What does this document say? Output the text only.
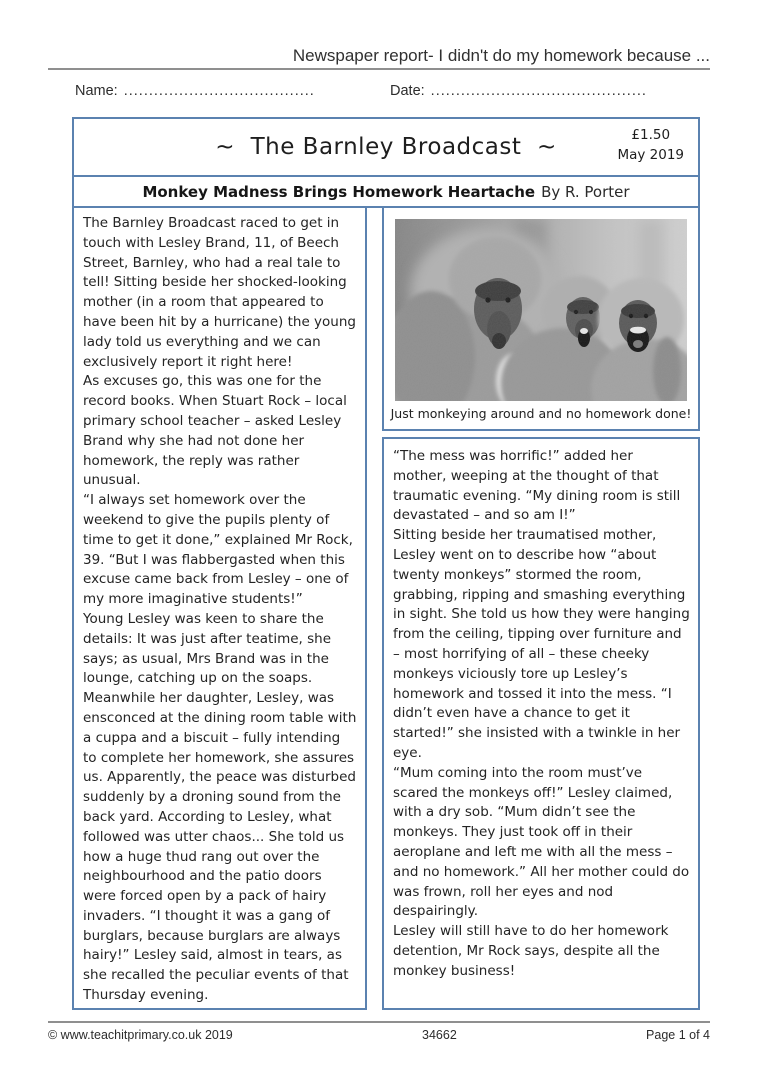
Newspaper report- I didn't do my homework because ...
Name: ......................................	Date: ...........................................
~  The Barnley Broadcast  ~	£1.50
May 2019
Monkey Madness Brings Homework Heartache By R. Porter

The Barnley Broadcast raced to get in touch with Lesley Brand, 11, of Beech Street, Barnley, who had a real tale to tell! Sitting beside her shocked-looking mother (in a room that appeared to have been hit by a hurricane) the young lady told us everything and we can exclusively report it right here!

As excuses go, this was one for the record books. When Stuart Rock – local primary school teacher – asked Lesley Brand why she had not done her homework, the reply was rather unusual.

“I always set homework over the weekend to give the pupils plenty of time to get it done,” explained Mr Rock, 39. “But I was flabbergasted when this excuse came back from Lesley – one of my more imaginative students!”

Young Lesley was keen to share the details: It was just after teatime, she says; as usual, Mrs Brand was in the lounge, catching up on the soaps. Meanwhile her daughter, Lesley, was ensconced at the dining room table with a cuppa and a biscuit – fully intending to complete her homework, she assures us. Apparently, the peace was disturbed suddenly by a droning sound from the back yard. According to Lesley, what followed was utter chaos... She told us how a huge thud rang out over the neighbourhood and the patio doors were forced open by a pack of hairy invaders. “I thought it was a gang of burglars, because burglars are always hairy!” Lesley said, almost in tears, as she recalled the peculiar events of that Thursday evening.

Just monkeying around and no homework done!

“The mess was horrific!” added her mother, weeping at the thought of that traumatic evening. “My dining room is still devastated – and so am I!”

Sitting beside her traumatised mother, Lesley went on to describe how “about twenty monkeys” stormed the room, grabbing, ripping and smashing everything in sight. She told us how they were hanging from the ceiling, tipping over furniture and – most horrifying of all – these cheeky monkeys viciously tore up Lesley’s homework and tossed it into the mess. “I didn’t even have a chance to get it started!” she insisted with a twinkle in her eye.

“Mum coming into the room must’ve scared the monkeys off!” Lesley claimed, with a dry sob. “Mum didn’t see the monkeys. They just took off in their aeroplane and left me with all the mess – and no homework.” All her mother could do was frown, roll her eyes and nod despairingly.

Lesley will still have to do her homework detention, Mr Rock says, despite all the monkey business!

© www.teachitprimary.co.uk 2019	34662	Page 1 of 4
